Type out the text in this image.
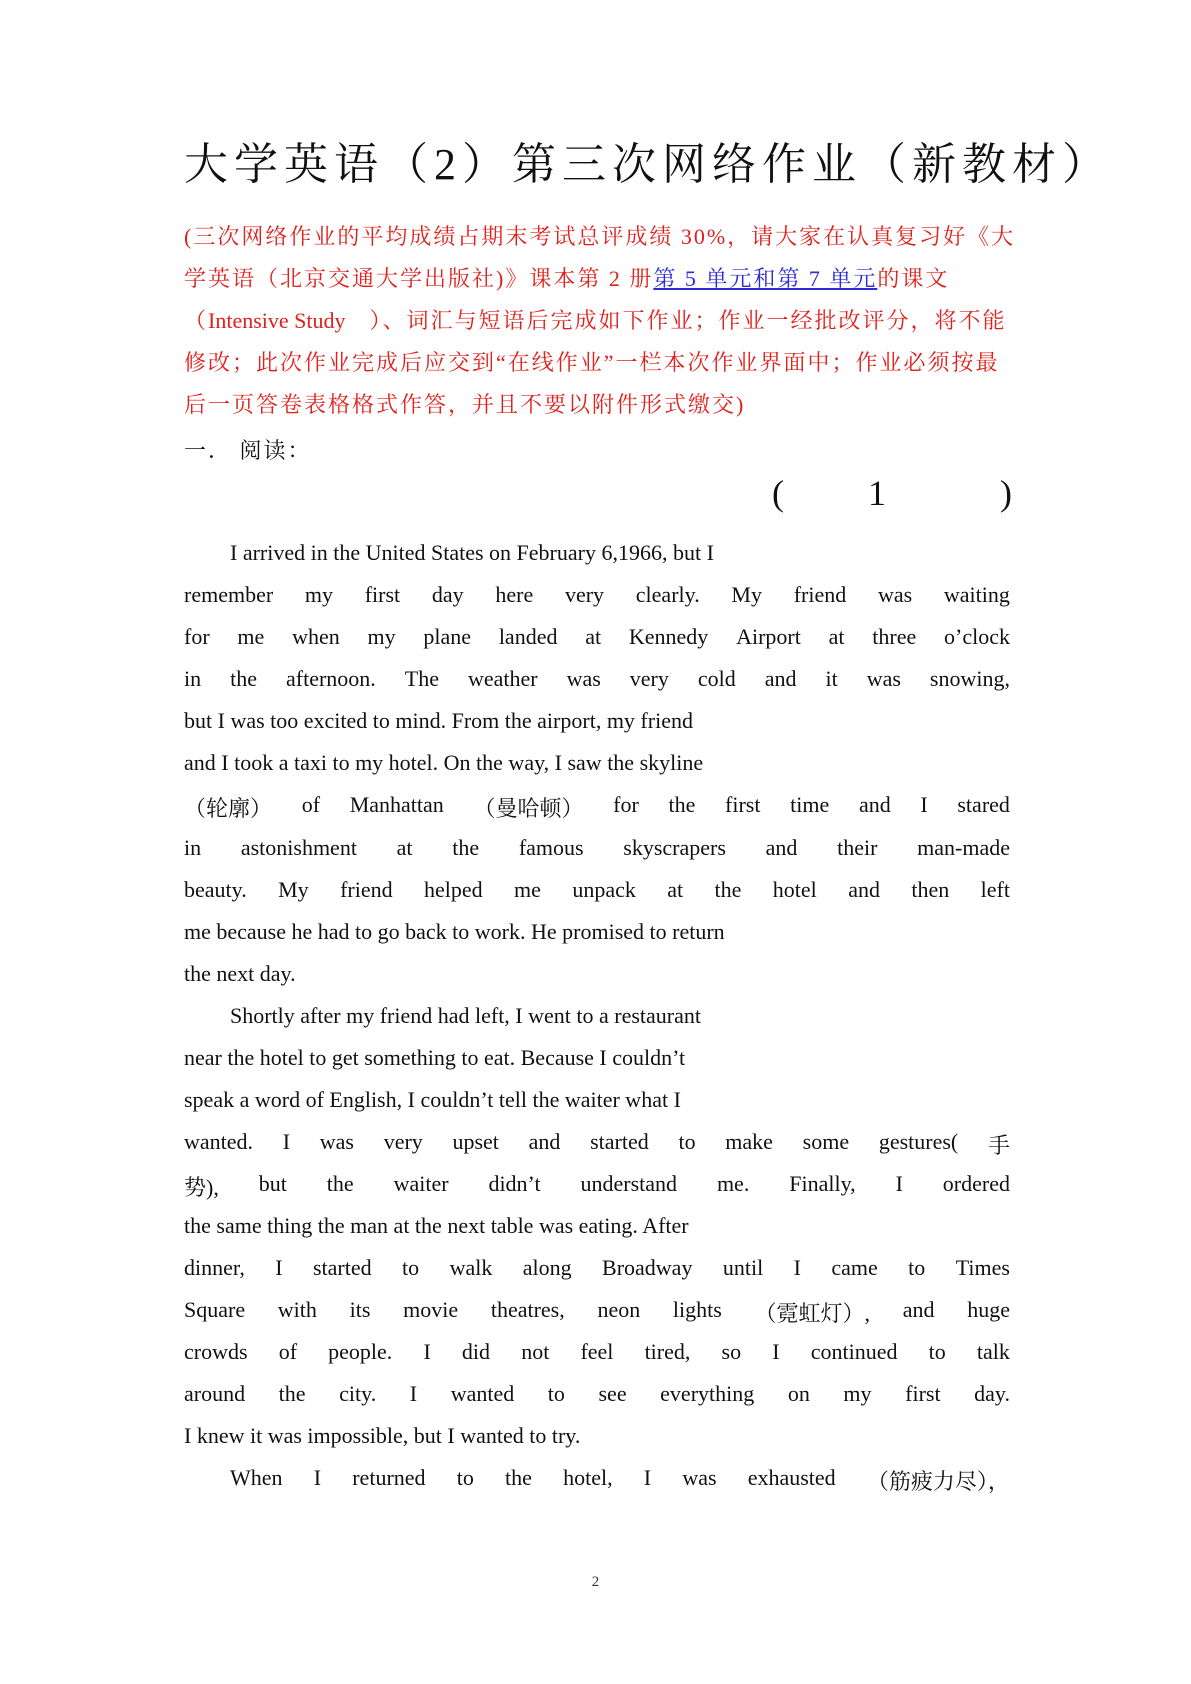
大学英语（2）第三次网络作业（新教材）
(三次网络作业的平均成绩占期末考试总评成绩 30%，请大家在认真复习好《大学英语（北京交通大学出版社)》课本第 2 册第 5 单元和第 7 单元的课文（Intensive Study　）、词汇与短语后完成如下作业；作业一经批改评分，将不能修改；此次作业完成后应交到“在线作业”一栏本次作业界面中；作业必须按最后一页答卷表格格式作答，并且不要以附件形式缴交)
一． 阅读：
( 1	)
I arrived in the United States on February 6,1966, but I
remember my first day here very clearly. My friend was waiting
for me when my plane landed at Kennedy Airport at three o’clock
in the afternoon. The weather was very cold and it was snowing,
but I was too excited to mind. From the airport, my friend
and I took a taxi to my hotel. On the way, I saw the skyline
（轮廓） of Manhattan （曼哈顿） for the first time and I stared
in astonishment at the famous skyscrapers and their man-made
beauty. My friend helped me unpack at the hotel and then left
me because he had to go back to work. He promised to return
the next day.
Shortly after my friend had left, I went to a restaurant
near the hotel to get something to eat. Because I couldn’t
speak a word of English, I couldn’t tell the waiter what I
wanted. I was very upset and started to make some gestures( 手
势), but the waiter didn’t understand me. Finally, I ordered
the same thing the man at the next table was eating. After
dinner, I started to walk along Broadway until I came to Times
Square with its movie theatres, neon lights （霓虹灯）, and huge
crowds of people. I did not feel tired, so I continued to talk
around the city. I wanted to see everything on my first day.
I knew it was impossible, but I wanted to try.
When I returned to the hotel, I was exhausted （筋疲力尽），
2
